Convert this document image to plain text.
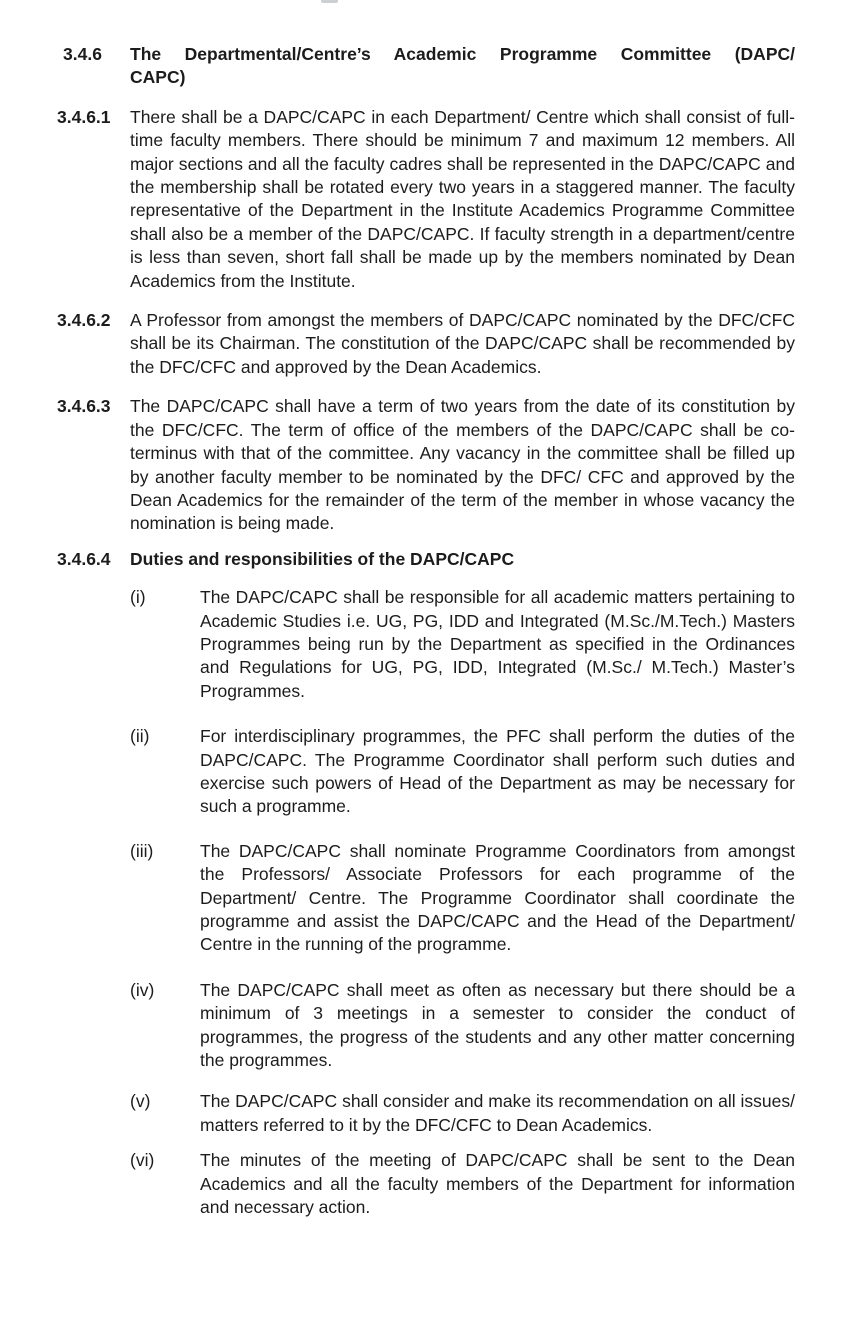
3.4.6	The Departmental/Centre’s Academic Programme Committee (DAPC/
CAPC)
3.4.6.1	There shall be a DAPC/CAPC in each Department/ Centre which shall consist of full-time faculty members. There should be minimum 7 and maximum 12 members. All major sections and all the faculty cadres shall be represented in the DAPC/CAPC and the membership shall be rotated every two years in a staggered manner. The faculty representative of the Department in the Institute Academics Programme Committee shall also be a member of the DAPC/CAPC. If faculty strength in a department/centre is less than seven, short fall shall be made up by the members nominated by Dean Academics from the Institute.
3.4.6.2	A Professor from amongst the members of DAPC/CAPC nominated by the DFC/CFC shall be its Chairman. The constitution of the DAPC/CAPC shall be recommended by the DFC/CFC and approved by the Dean Academics.
3.4.6.3	The DAPC/CAPC shall have a term of two years from the date of its constitution by the DFC/CFC. The term of office of the members of the DAPC/CAPC shall be co-terminus with that of the committee. Any vacancy in the committee shall be filled up by another faculty member to be nominated by the DFC/ CFC and approved by the Dean Academics for the remainder of the term of the member in whose vacancy the nomination is being made.
3.4.6.4	Duties and responsibilities of the DAPC/CAPC
(i)	The DAPC/CAPC shall be responsible for all academic matters pertaining to Academic Studies i.e. UG, PG, IDD and Integrated (M.Sc./M.Tech.) Masters Programmes being run by the Department as specified in the Ordinances and Regulations for UG, PG, IDD, Integrated (M.Sc./ M.Tech.) Master’s Programmes.
(ii)	For interdisciplinary programmes, the PFC shall perform the duties of the DAPC/CAPC. The Programme Coordinator shall perform such duties and exercise such powers of Head of the Department as may be necessary for such a programme.
(iii)	The DAPC/CAPC shall nominate Programme Coordinators from amongst the Professors/ Associate Professors for each programme of the Department/ Centre. The Programme Coordinator shall coordinate the programme and assist the DAPC/CAPC and the Head of the Department/ Centre in the running of the programme.
(iv)	The DAPC/CAPC shall meet as often as necessary but there should be a minimum of 3 meetings in a semester to consider the conduct of programmes, the progress of the students and any other matter concerning the programmes.
(v)	The DAPC/CAPC shall consider and make its recommendation on all issues/ matters referred to it by the DFC/CFC to Dean Academics.
(vi)	The minutes of the meeting of DAPC/CAPC shall be sent to the Dean Academics and all the faculty members of the Department for information and necessary action.
